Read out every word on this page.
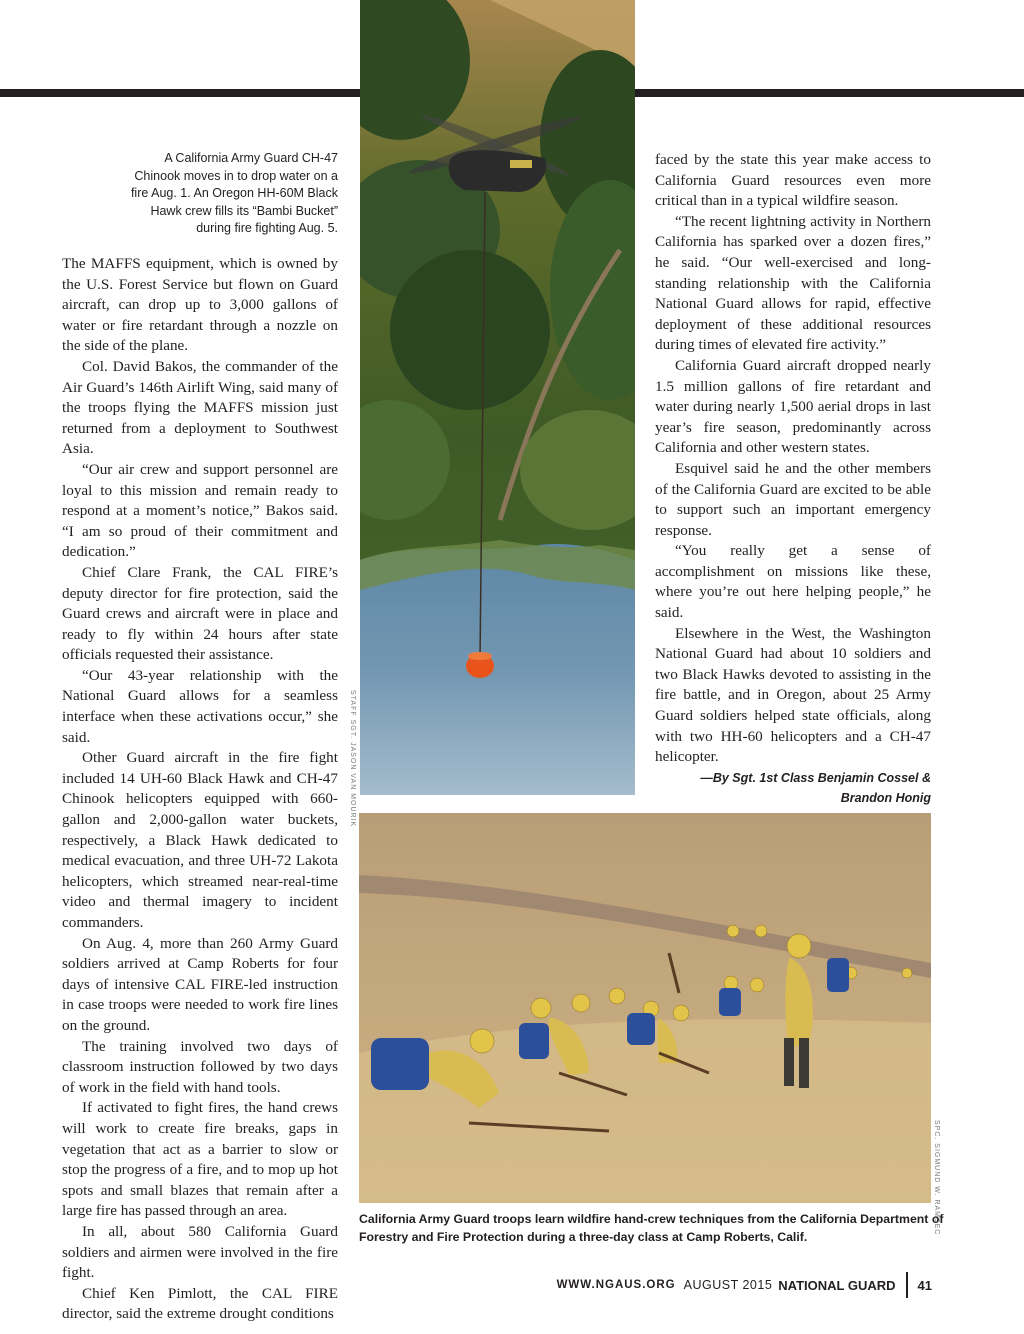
STAFF SGT. JASON VAN MOURIK
A California Army Guard CH-47 Chinook moves in to drop water on a fire Aug. 1. An Oregon HH-60M Black Hawk crew fills its “Bambi Bucket” during fire fighting Aug. 5.

The MAFFS equipment, which is owned by the U.S. Forest Service but flown on Guard aircraft, can drop up to 3,000 gallons of water or fire retardant through a nozzle on the side of the plane.

Col. David Bakos, the commander of the Air Guard’s 146th Airlift Wing, said many of the troops flying the MAFFS mission just returned from a deployment to Southwest Asia.

“Our air crew and support personnel are loyal to this mission and remain ready to respond at a moment’s notice,” Bakos said. “I am so proud of their commitment and dedication.”

Chief Clare Frank, the CAL FIRE’s deputy director for fire protection, said the Guard crews and aircraft were in place and ready to fly within 24 hours after state officials requested their assistance.

“Our 43-year relationship with the National Guard allows for a seamless interface when these activations occur,” she said.

Other Guard aircraft in the fire fight included 14 UH-60 Black Hawk and CH-47 Chinook helicopters equipped with 660-gallon and 2,000-gallon water buckets, respectively, a Black Hawk dedicated to medical evacuation, and three UH-72 Lakota helicopters, which streamed near-real-time video and thermal imagery to incident commanders.

On Aug. 4, more than 260 Army Guard soldiers arrived at Camp Roberts for four days of intensive CAL FIRE-led instruction in case troops were needed to work fire lines on the ground.

The training involved two days of classroom instruction followed by two days of work in the field with hand tools.

If activated to fight fires, the hand crews will work to create fire breaks, gaps in vegetation that act as a barrier to slow or stop the progress of a fire, and to mop up hot spots and small blazes that remain after a large fire has passed through an area.

In all, about 580 California Guard soldiers and airmen were involved in the fire fight.

Chief Ken Pimlott, the CAL FIRE director, said the extreme drought conditions

faced by the state this year make access to California Guard resources even more critical than in a typical wildfire season.

“The recent lightning activity in Northern California has sparked over a dozen fires,” he said. “Our well-exercised and long-standing relationship with the California National Guard allows for rapid, effective deployment of these additional resources during times of elevated fire activity.”

California Guard aircraft dropped nearly 1.5 million gallons of fire retardant and water during nearly 1,500 aerial drops in last year’s fire season, predominantly across California and other western states.

Esquivel said he and the other members of the California Guard are excited to be able to support such an important emergency response.

“You really get a sense of accomplishment on missions like these, where you’re out here helping people,” he said.

Elsewhere in the West, the Washington National Guard had about 10 soldiers and two Black Hawks devoted to assisting in the fire battle, and in Oregon, about 25 Army Guard soldiers helped state officials, along with two HH-60 helicopters and a CH-47 helicopter.

—By Sgt. 1st Class Benjamin Cossel &
Brandon Honig
SPC. SIGMUND W. RAMSEC
California Army Guard troops learn wildfire hand-crew techniques from the California Department of Forestry and Fire Protection during a three-day class at Camp Roberts, Calif.
WWW.NGAUS.ORG AUGUST 2015 NATIONAL GUARD 41
